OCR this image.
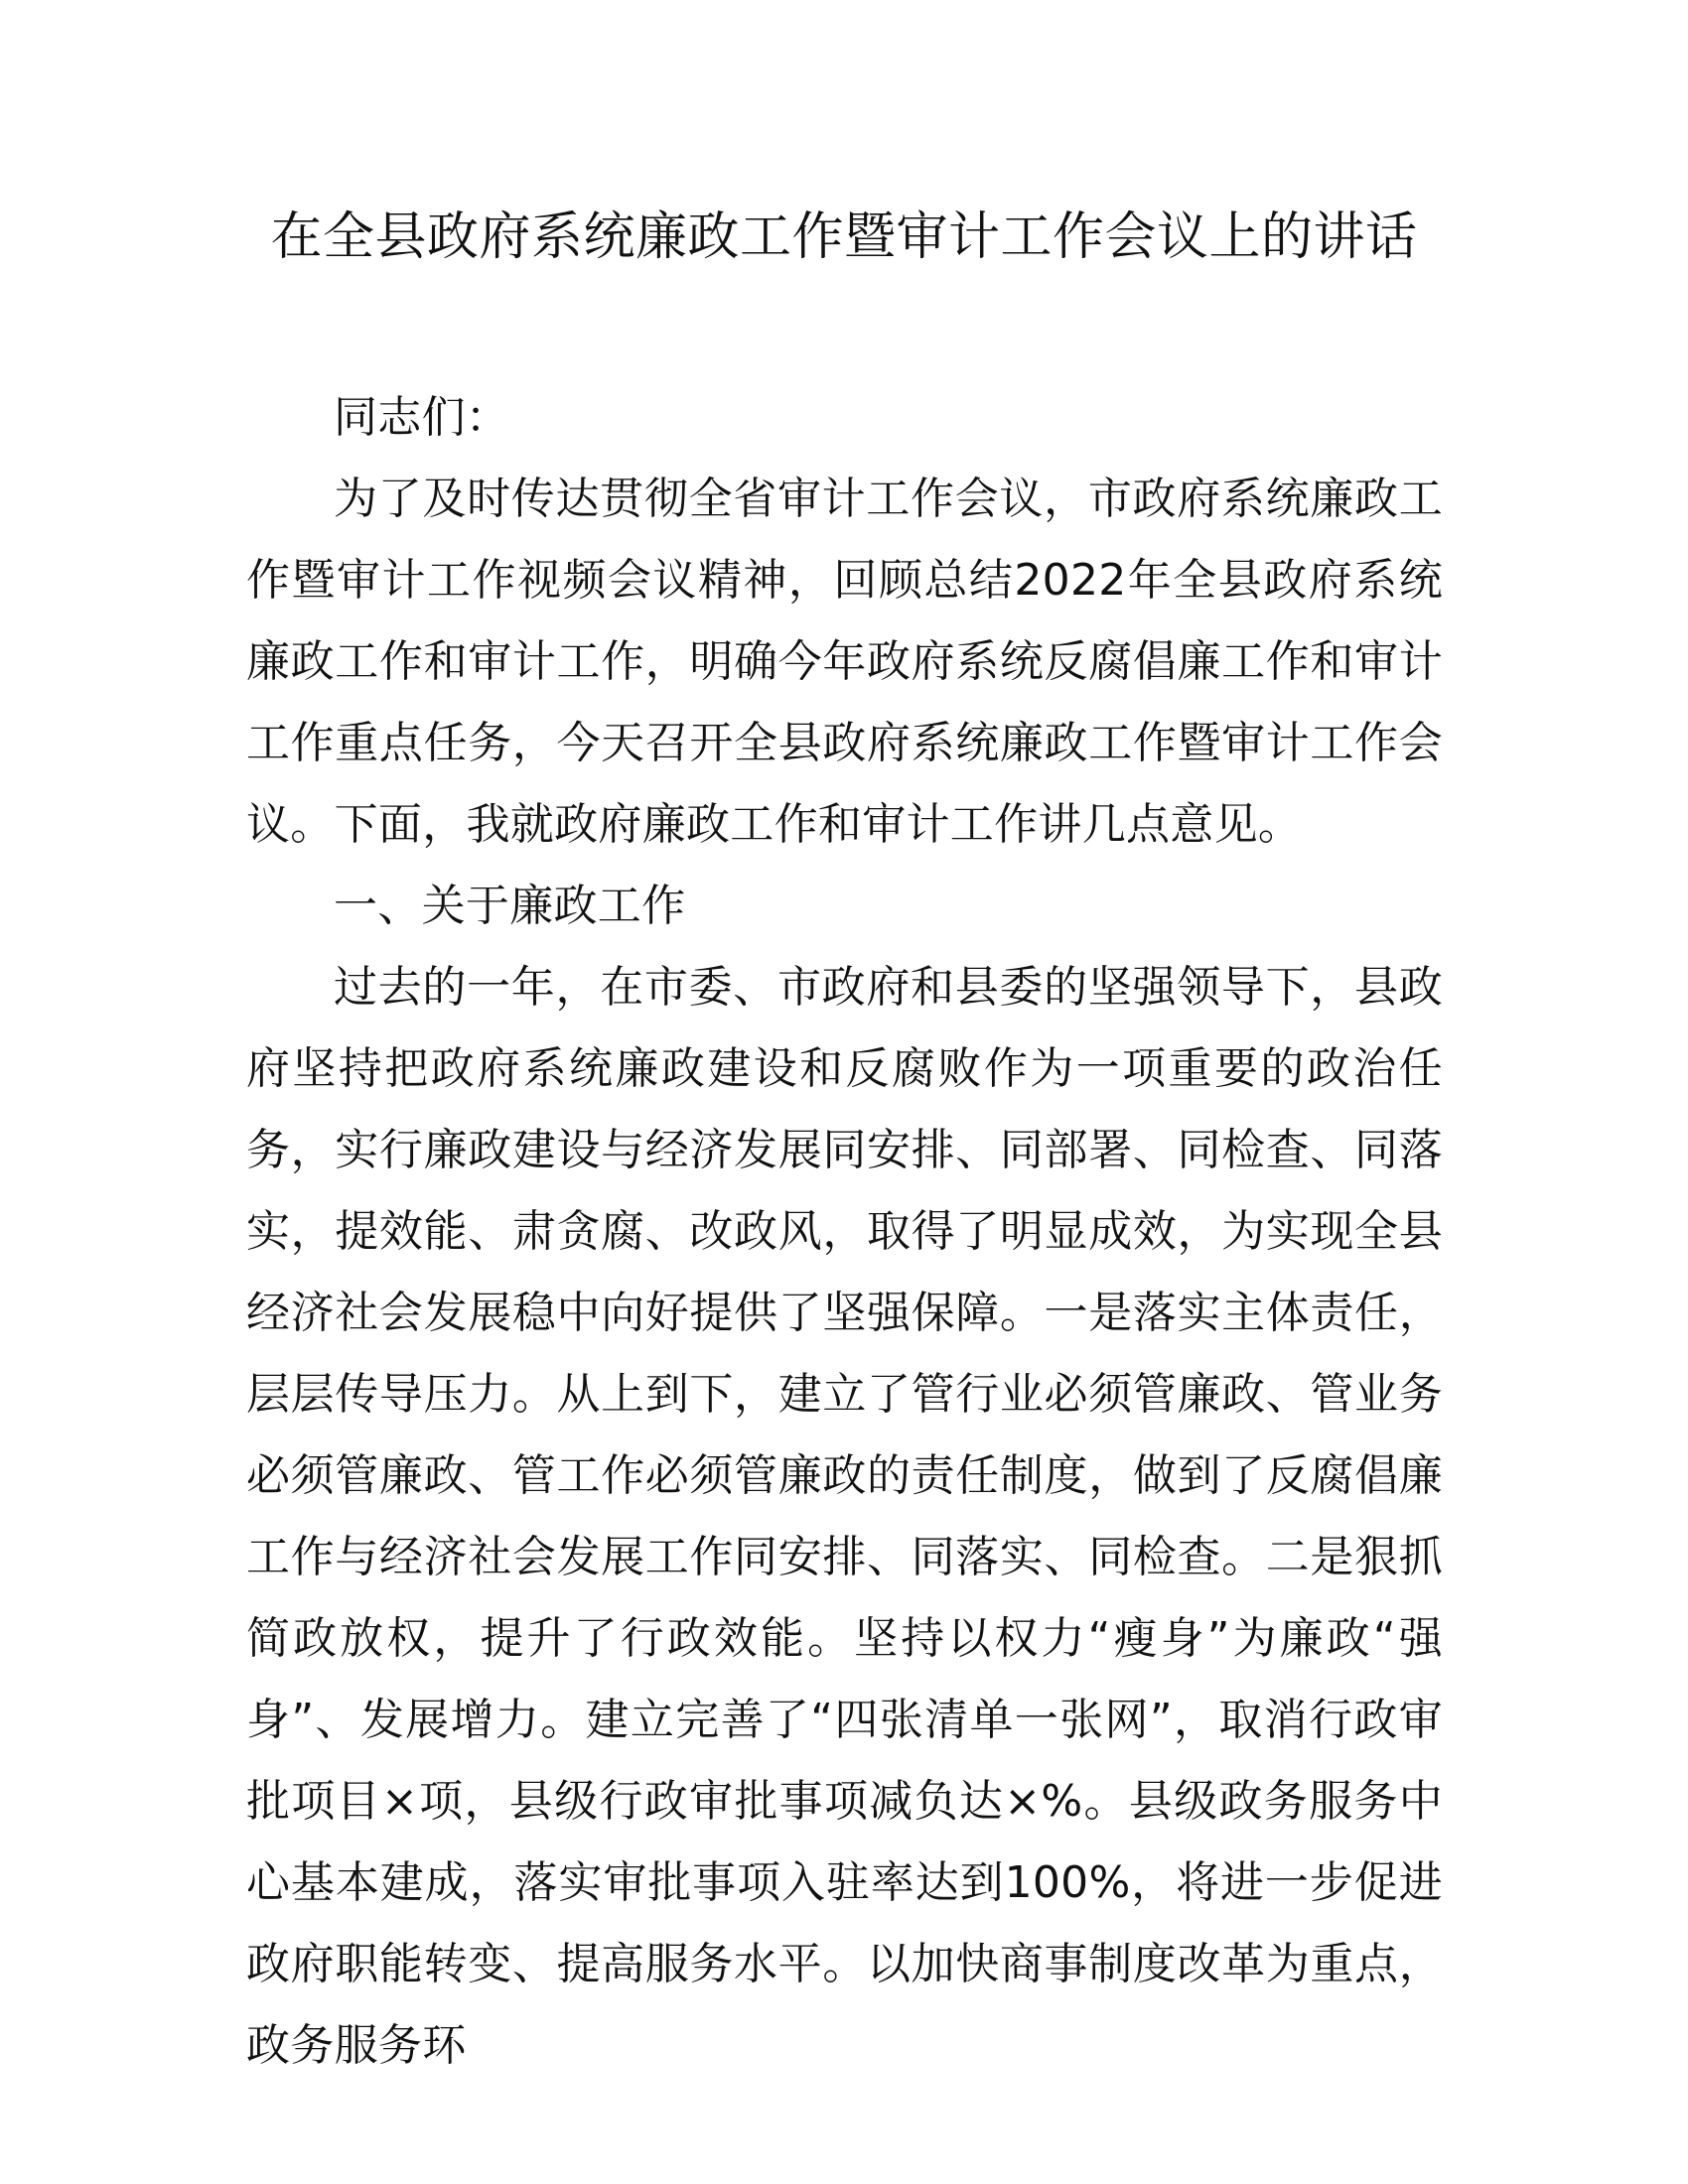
在全县政府系统廉政工作暨审计工作会议上的讲话

同志们：

为了及时传达贯彻全省审计工作会议，市政府系统廉政工作暨审计工作视频会议精神，回顾总结2022年全县政府系统廉政工作和审计工作，明确今年政府系统反腐倡廉工作和审计工作重点任务，今天召开全县政府系统廉政工作暨审计工作会议。下面，我就政府廉政工作和审计工作讲几点意见。

一、关于廉政工作

过去的一年，在市委、市政府和县委的坚强领导下，县政府坚持把政府系统廉政建设和反腐败作为一项重要的政治任务，实行廉政建设与经济发展同安排、同部署、同检查、同落实，提效能、肃贪腐、改政风，取得了明显成效，为实现全县经济社会发展稳中向好提供了坚强保障。一是落实主体责任，层层传导压力。从上到下，建立了管行业必须管廉政、管业务必须管廉政、管工作必须管廉政的责任制度，做到了反腐倡廉工作与经济社会发展工作同安排、同落实、同检查。二是狠抓简政放权，提升了行政效能。坚持以权力“瘦身”为廉政“强身”、发展增力。建立完善了“四张清单一张网”，取消行政审批项目×项，县级行政审批事项减负达×%。县级政务服务中心基本建成，落实审批事项入驻率达到100%，将进一步促进政府职能转变、提高服务水平。以加快商事制度改革为重点，政务服务环
